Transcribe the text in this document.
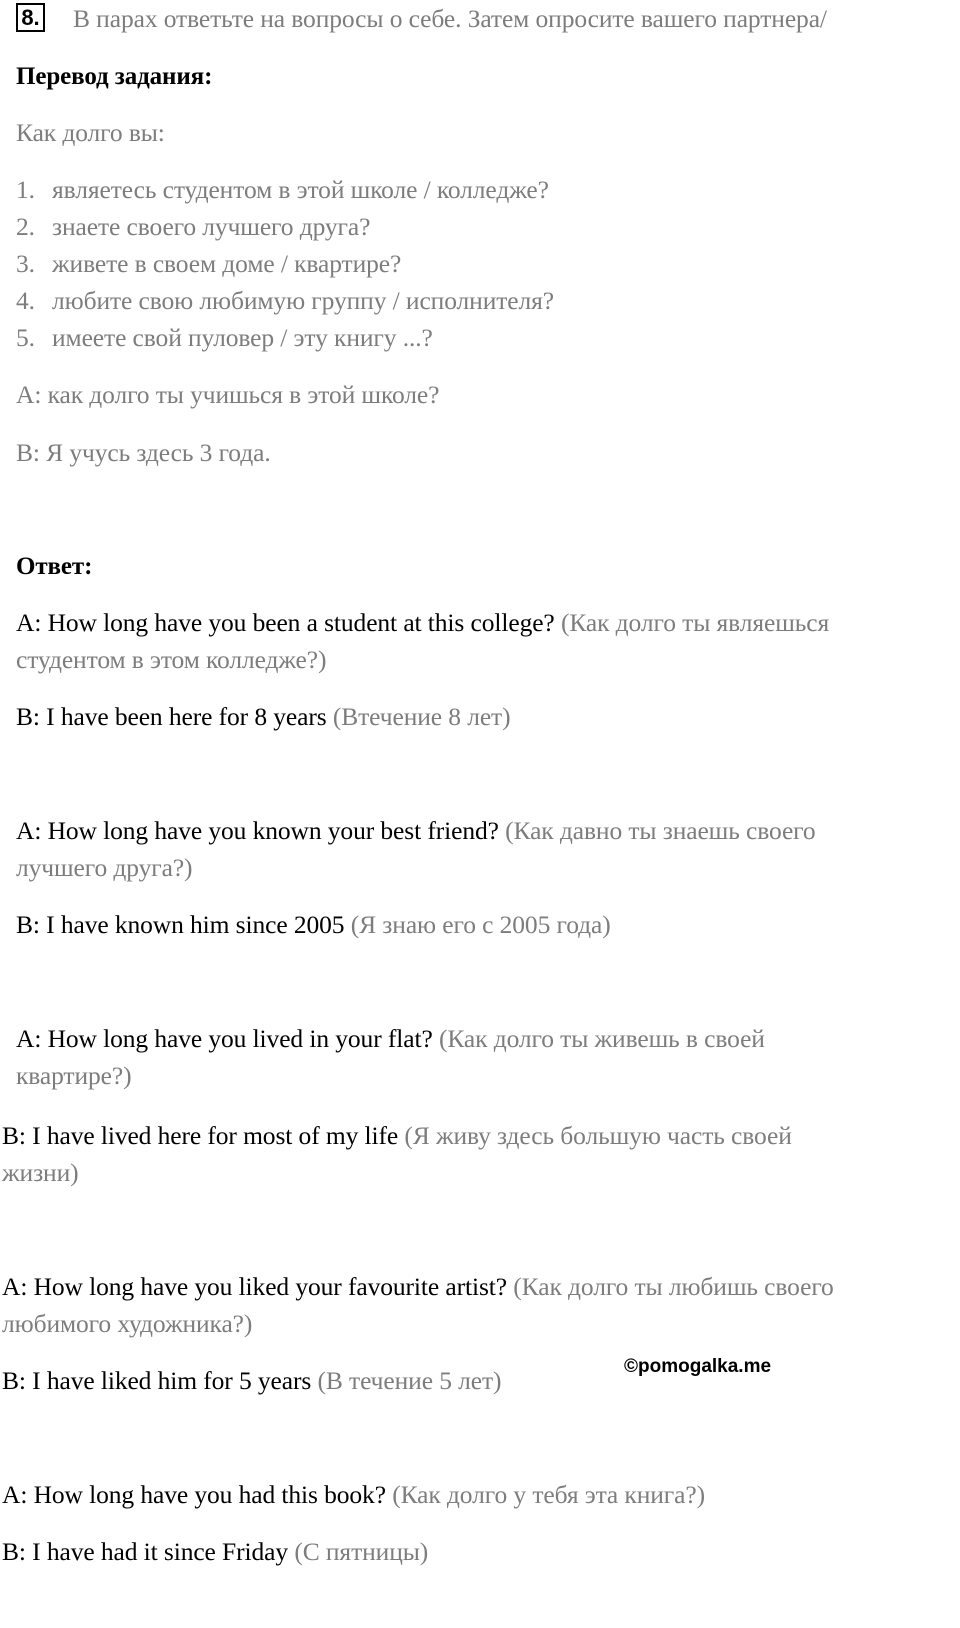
8. В парах ответьте на вопросы о себе. Затем опросите вашего партнера/
Перевод задания:
Как долго вы:
1. являетесь студентом в этой школе / колледже?
2. знаете своего лучшего друга?
3. живете в своем доме / квартире?
4. любите свою любимую группу / исполнителя?
5. имеете свой пуловер / эту книгу ...?
А: как долго ты учишься в этой школе?
В: Я учусь здесь 3 года.
Ответ:
A: How long have you been a student at this college? (Как долго ты являешься
студентом в этом колледже?)
B: I have been here for 8 years (Втечение 8 лет)
A: How long have you known your best friend? (Как давно ты знаешь своего
лучшего друга?)
B: I have known him since 2005 (Я знаю его с 2005 года)
A: How long have you lived in your flat? (Как долго ты живешь в своей
квартире?)
B: I have lived here for most of my life (Я живу здесь большую часть своей
жизни)
A: How long have you liked your favourite artist? (Как долго ты любишь своего
любимого художника?)
B: I have liked him for 5 years (В течение 5 лет)	©pomogalka.me
A: How long have you had this book? (Как долго у тебя эта книга?)
B: I have had it since Friday (С пятницы)
